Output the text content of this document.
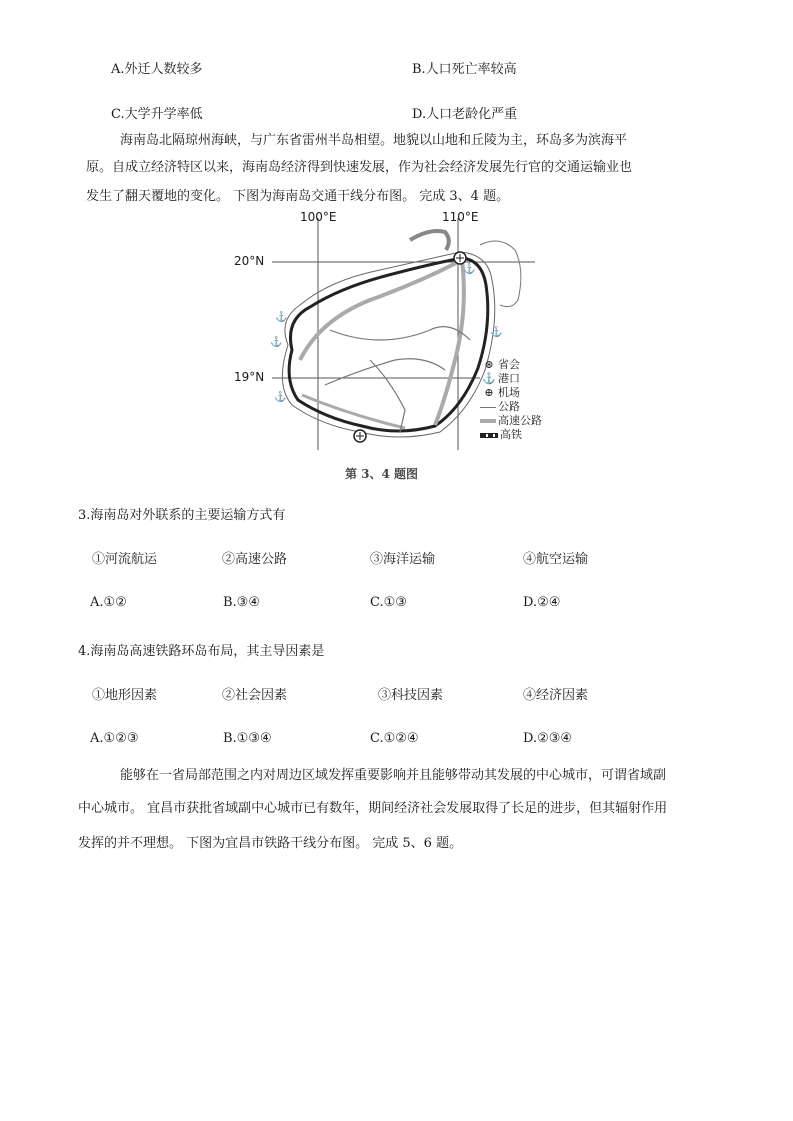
A.外迁人数较多	B.人口死亡率较高
C.大学升学率低	D.人口老龄化严重
海南岛北隔琼州海峡，与广东省雷州半岛相望。地貌以山地和丘陵为主，环岛多为滨海平
原。自成立经济特区以来，海南岛经济得到快速发展，作为社会经济发展先行官的交通运输业也
发生了翻天覆地的变化。 下图为海南岛交通干线分布图。 完成 3、4 题。
⚓
⚓
⚓
⚓
⚓
100°E	110°E
20°N
19°N
⊛ 省会
⚓ 港口
⊕ 机场
公路
高速公路
高铁
第 3、4 题图
3.海南岛对外联系的主要运输方式有
①河流航运	②高速公路	③海洋运输	④航空运输
A.①②	B.③④	C.①③	D.②④
4.海南岛高速铁路环岛布局，其主导因素是
①地形因素	②社会因素	③科技因素	④经济因素
A.①②③	B.①③④	C.①②④	D.②③④
能够在一省局部范围之内对周边区域发挥重要影响并且能够带动其发展的中心城市，可谓省域副
中心城市。 宜昌市获批省域副中心城市已有数年，期间经济社会发展取得了长足的进步，但其辐射作用
发挥的并不理想。 下图为宜昌市铁路干线分布图。 完成 5、6 题。
